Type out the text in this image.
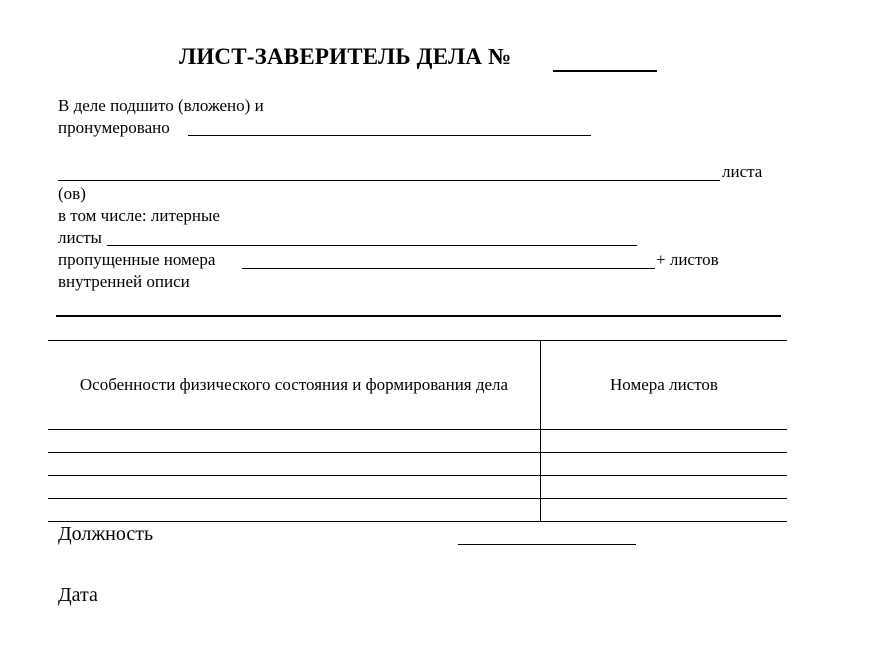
ЛИСТ-ЗАВЕРИТЕЛЬ ДЕЛА №
В деле подшито (вложено) и
пронумеровано
листа
(ов)
в том числе: литерные
листы
пропущенные номера	+ листов
внутренней описи
Особенности физического состояния и формирования дела	Номера листов

Должность
Дата
